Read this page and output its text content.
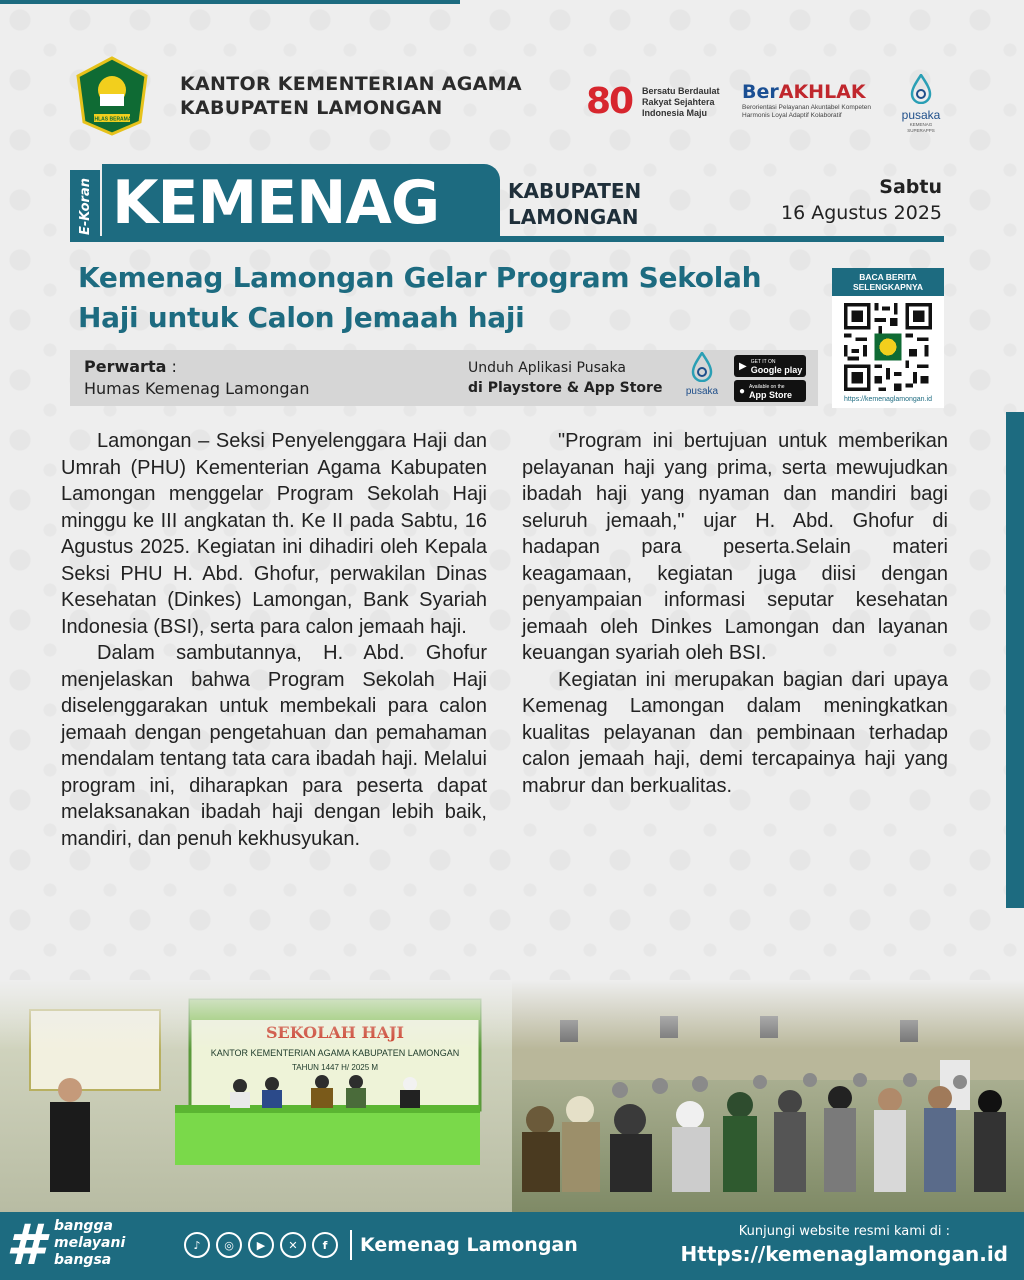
IKHLAS BERAMAL
KANTOR KEMENTERIAN AGAMA
KABUPATEN LAMONGAN	80 Bersatu Berdaulat
Rakyat Sejahtera
Indonesia Maju
BerAKHLAK
Berorientasi Pelayanan Akuntabel Kompeten
Harmonis Loyal Adaptif Kolaboratif	pusaka
KEMENAG SUPERAPPS
E-Koran KEMENAG	KABUPATEN
LAMONGAN
Sabtu
16 Agustus 2025
Kemenag Lamongan Gelar Program Sekolah
Haji untuk Calon Jemaah haji
BACA BERITA
SELENGKAPNYA
https://kemenaglamongan.id
Perwarta :
Humas Kemenag Lamongan
Unduh Aplikasi Pusaka
di Playstore & App Store	pusaka
▶ GET IT ON
Google play
● Available on the
App Store

Lamongan – Seksi Penyelenggara Haji dan Umrah (PHU) Kementerian Agama Kabupaten Lamongan menggelar Program Sekolah Haji minggu ke III angkatan th. Ke II pada Sabtu, 16 Agustus 2025. Kegiatan ini dihadiri oleh Kepala Seksi PHU H. Abd. Ghofur, perwakilan Dinas Kesehatan (Dinkes) Lamongan, Bank Syariah Indonesia (BSI), serta para calon jemaah haji.

Dalam sambutannya, H. Abd. Ghofur menjelaskan bahwa Program Sekolah Haji diselenggarakan untuk membekali para calon jemaah dengan pengetahuan dan pemahaman mendalam tentang tata cara ibadah haji. Melalui program ini, diharapkan para peserta dapat melaksanakan ibadah haji dengan lebih baik, mandiri, dan penuh kekhusyukan.

"Program ini bertujuan untuk memberikan pelayanan haji yang prima, serta mewujudkan ibadah haji yang nyaman dan mandiri bagi seluruh jemaah," ujar H. Abd. Ghofur di hadapan para peserta.Selain materi keagamaan, kegiatan juga diisi dengan penyampaian informasi seputar kesehatan jemaah oleh Dinkes Lamongan dan layanan keuangan syariah oleh BSI.

Kegiatan ini merupakan bagian dari upaya Kemenag Lamongan dalam meningkatkan kualitas pelayanan dan pembinaan terhadap calon jemaah haji, demi tercapainya haji yang mabrur dan berkualitas.

# bangga
melayani
bangsa
♪	◎	▶	✕	f	Kemenag Lamongan
Kunjungi website resmi kami di :
Https://kemenaglamongan.id
